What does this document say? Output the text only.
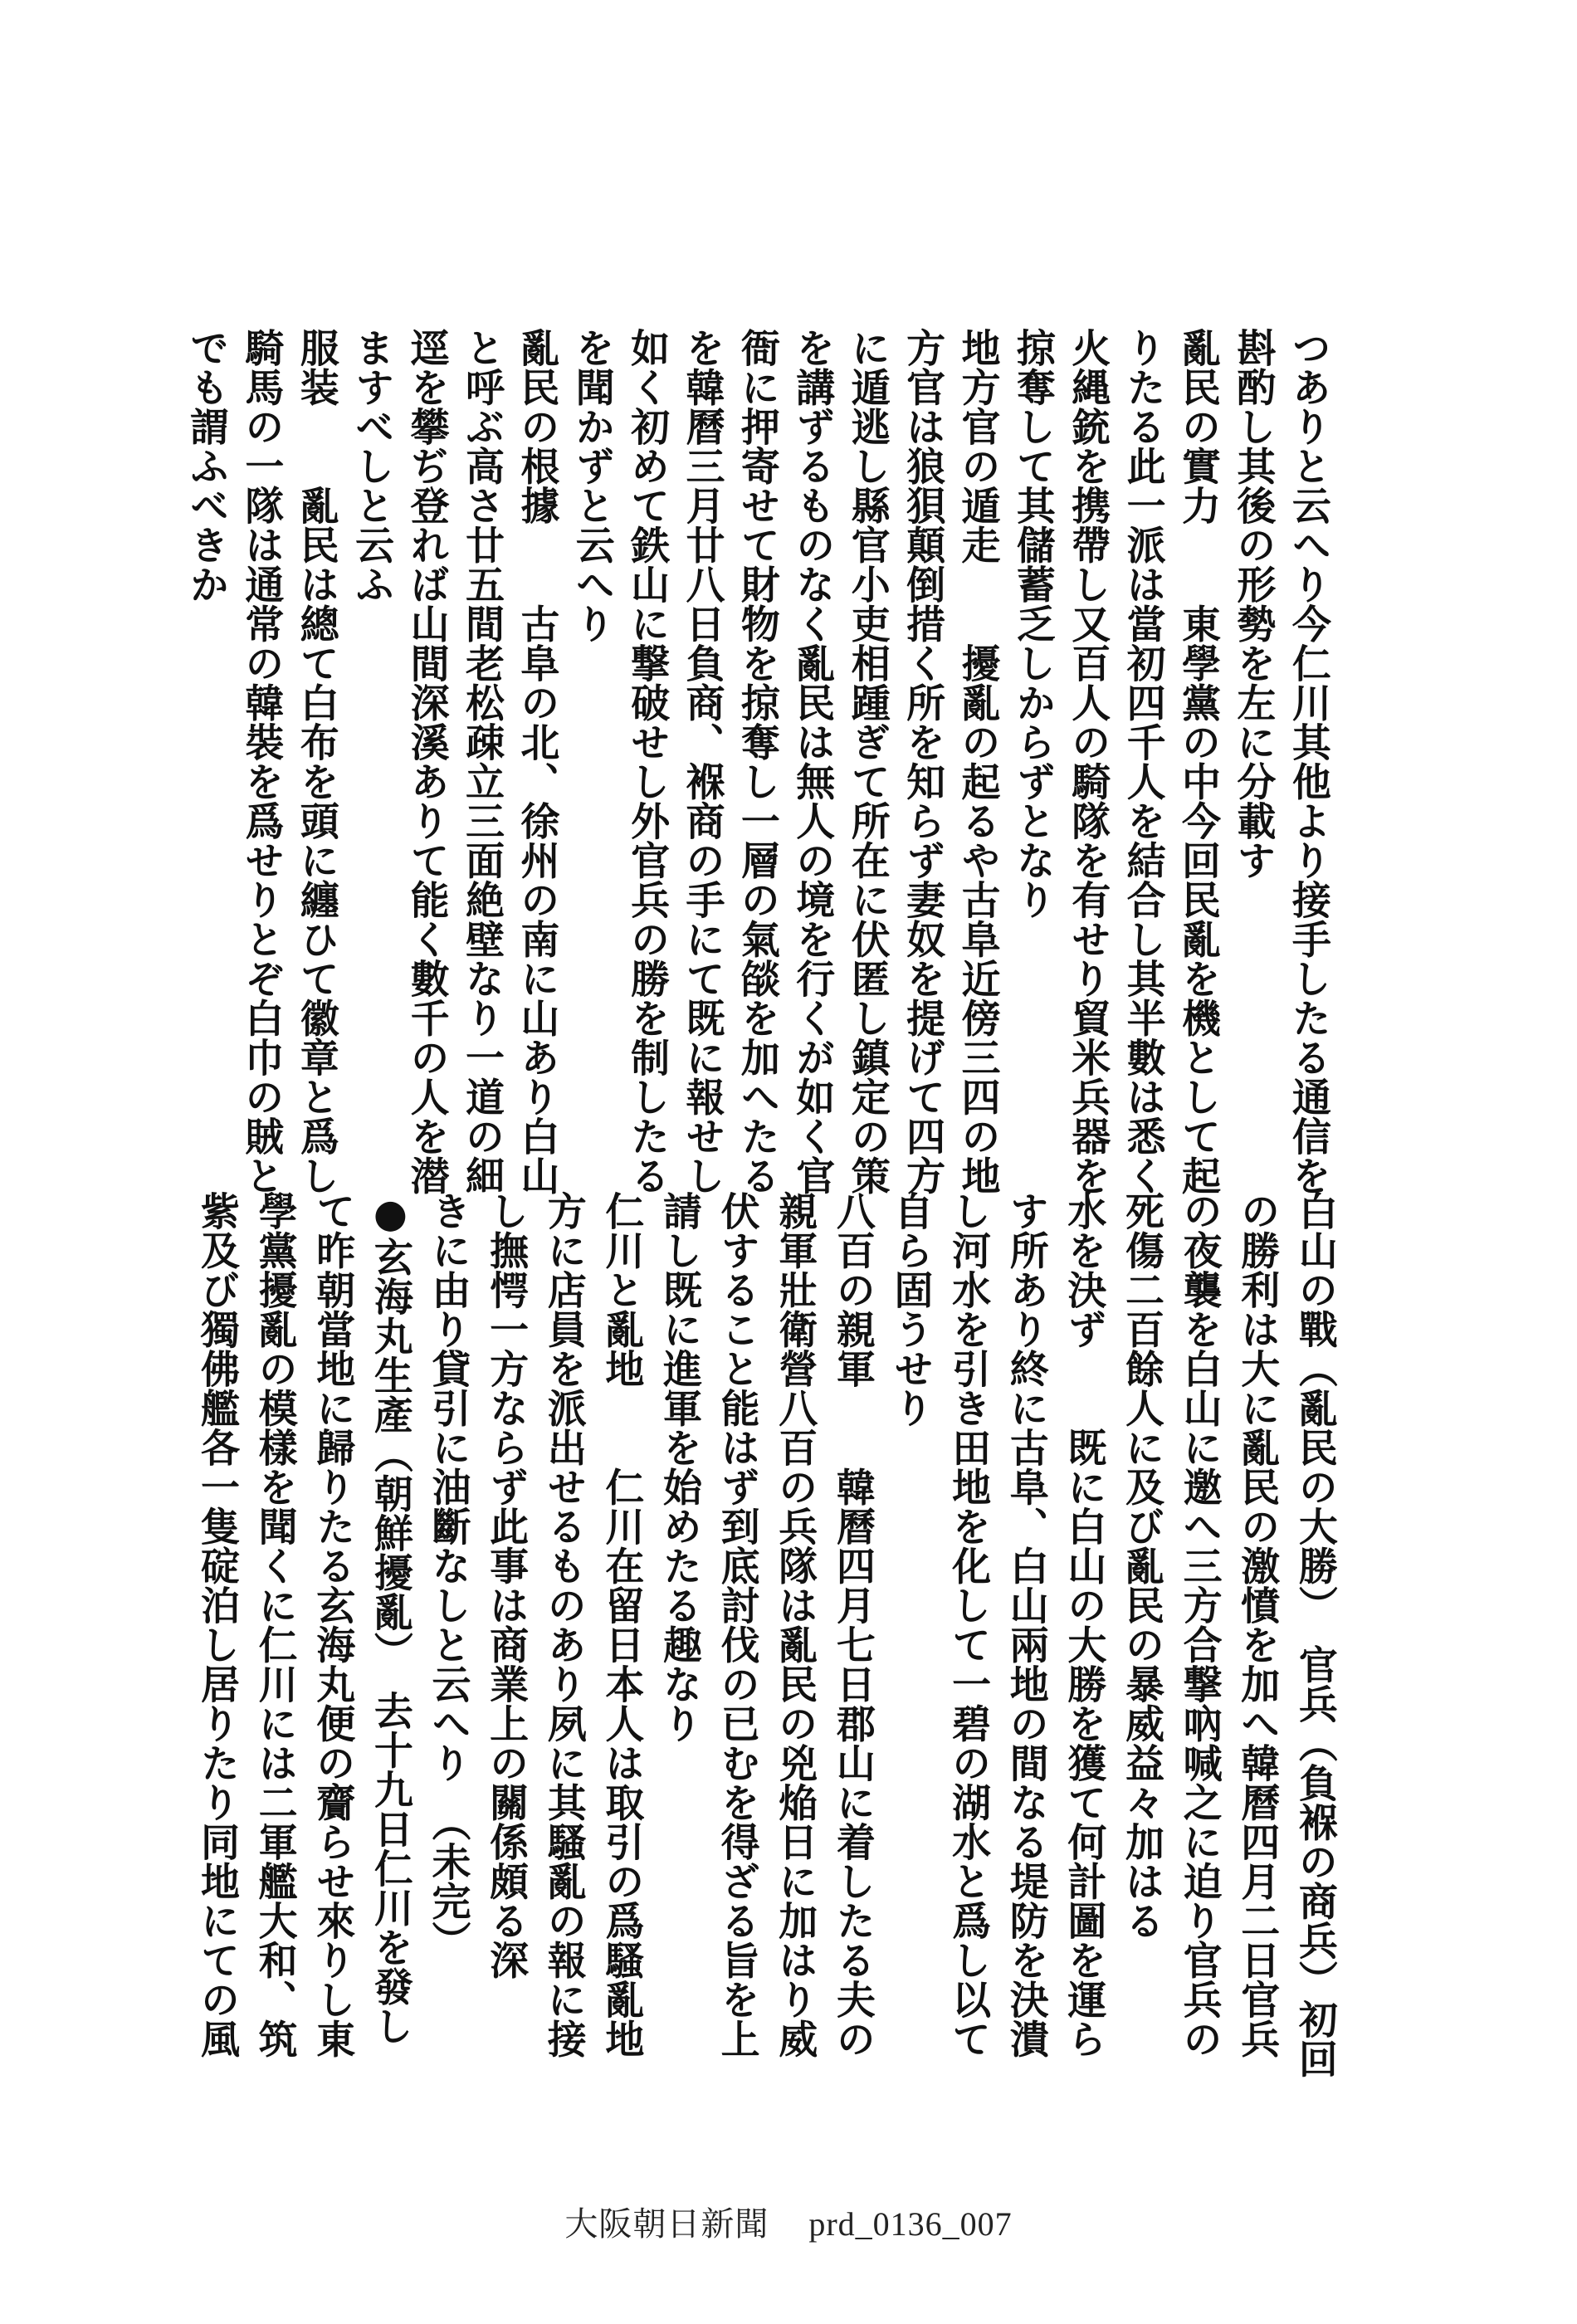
つありと云へり今仁川其他より接手したる通信を
斟酌し其後の形勢を左に分載す
亂民の實力　　東學黨の中今回民亂を機として起
りたる此一派は當初四千人を結合し其半數は悉く
火縄銃を携帶し又百人の騎隊を有せり貿米兵器を
掠奪して其儲蓄乏しからずとなり
地方官の遁走　　擾亂の起るや古阜近傍三四の地
方官は狼狽顛倒措く所を知らず妻奴を提げて四方
に遁逃し縣官小吏相踵ぎて所在に伏匿し鎮定の策
を講ずるものなく亂民は無人の境を行くが如く官
衙に押寄せて財物を掠奪し一層の氣燄を加へたる
を韓曆三月廿八日負商、褓商の手にて既に報せし
如く初めて鉄山に撃破せし外官兵の勝を制したる
を聞かずと云へり
亂民の根據　　古阜の北、徐州の南に山あり白山
と呼ぶ高さ廿五間老松疎立三面絶壁なり一道の細
逕を攀ぢ登れば山間深溪ありて能く數千の人を潜
ますべしと云ふ
服装　　亂民は總て白布を頭に纏ひて徽章と爲し
騎馬の一隊は通常の韓裝を爲せりとぞ白巾の賊と
でも謂ふべきか
白山の戰（亂民の大勝）　官兵（負褓の商兵）初回
の勝利は大に亂民の激憤を加へ韓曆四月二日官兵
の夜襲を白山に邀へ三方合撃吶喊之に迫り官兵の
死傷二百餘人に及び亂民の暴威益々加はる
水を決ず　　既に白山の大勝を獲て何計圖を運ら
す所あり終に古阜、白山兩地の間なる堤防を決潰
し河水を引き田地を化して一碧の湖水と爲し以て
自ら固うせり
八百の親軍　　韓曆四月七日郡山に着したる夫の
親軍壯衛營八百の兵隊は亂民の兇焔日に加はり威
伏すること能はず到底討伐の已むを得ざる旨を上
請し既に進軍を始めたる趣なり
仁川と亂地　　仁川在留日本人は取引の爲騷亂地
方に店員を派出せるものあり夙に其騷亂の報に接
し撫愕一方ならず此事は商業上の關係頗る深
きに由り貸引に油斷なしと云へり　（未完）
●玄海丸生產（朝鮮擾亂）　去十九日仁川を發し
て昨朝當地に歸りたる玄海丸便の齎らせ來りし東
學黨擾亂の模樣を聞くに仁川には二軍艦大和、筑
紫及び獨佛艦各一隻碇泊し居りたり同地にての風
大阪朝日新聞 prd_0136_007
